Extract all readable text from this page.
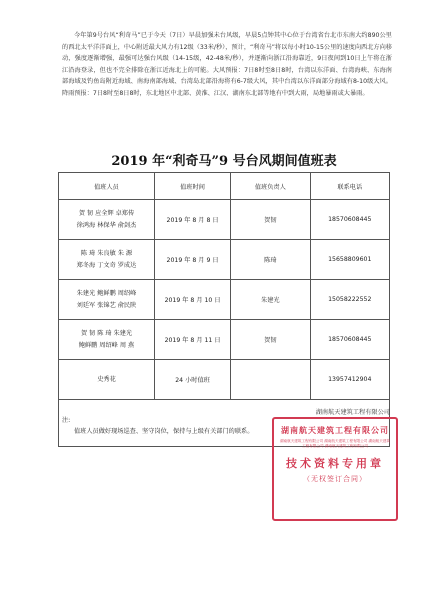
今年第9号台风“利奇马”已于今天（7日）早晨加强未台风级，早晨5点钟其中心位于台湾省台北市东南大约890公里的西北太平洋洋面上，中心附近最大风力有12级（33米/秒），预计，“利奇马”将以每小时10-15公里的速度向西北方向移动，强度逐渐增强，最强可达强台风级（14-15级，42-48米/秒），并逐渐向浙江沿海靠近，9日夜间到10日上午将在浙江沿海登录，但也不完全排除在浙江近海北上的可能。大风预报：7日8时至8日8时，台湾以东洋面、台湾海峡、东海南部海域及钓鱼岛附近海域、南海南部海域、台湾岛北部沿海将有6-7级大风，其中台湾以东洋面部分海域有8-10级大风。降雨预报：7日8时至8日8时，东北地区中北部、黄淮、江汉、湖南东北部等地有中到大雨，局地暴雨或大暴雨。
2019 年“利奇马”9 号台风期间值班表
值班人员	值班时间	值班负责人	联系电话

贺 韧 应全辉 卓郑传
徐鸿海 林保华 俞剑杰	2019 年 8 月 8 日	贺韧	18570608445

陈 琦 朱良敏 朱 源
郑冬海 丁文奇 罗成达	2019 年 8 月 9 日	陈琦	15658809601

朱建光 鲍鲜鹏 周绍峰
刘廷军 张锦艺 俞民陕	2019 年 8 月 10 日	朱建光	15058222552

贺 韧 陈 琦 朱建光
鲍鲜鹏 周绍峰 周 燕	2019 年 8 月 11 日	贺韧	18570608445

史秀花	24 小时值班		13957412904

注:
值班人员做好现场巡查、坚守岗位，保持与上级有关部门的联系。			
湖南航天建筑工程有限公司
湖南航天建筑工程有限公司
湖南航天建筑工程有限公司 湖南航天建筑工程有限公司 湖南航天建筑工程有限公司 湖南航天建筑工程有限公司
技术资料专用章
（无权签订合同）
